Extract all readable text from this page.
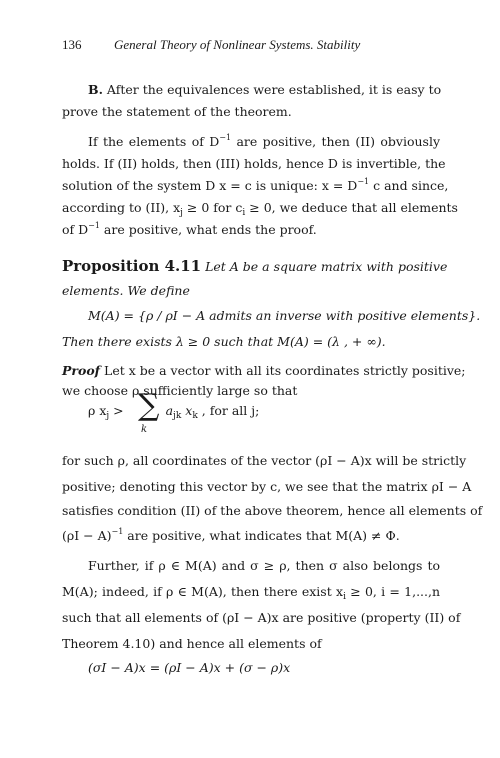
136	General Theory of Nonlinear Systems. Stability
B. After the equivalences were established, it is easy to
prove the statement of the theorem.
If the elements of $D^{-1}$ are positive, then (II) obviously
holds. If (II) holds, then (III) holds, hence D is invertible, the
solution of the system D x = c is unique: $x = D^{-1}$ c and since,
according to (II), $x_j \ge 0$ for $c_i \ge 0$, we deduce that all elements
of $D^{-1}$ are positive, what ends the proof.
Proposition 4.11 Let A be a square matrix with positive
elements. We define
M(A) = {ρ / ρI − A admits an inverse with positive elements}.
Then there exists λ ≥ 0 such that M(A) = (λ , + ∞).
Proof Let x be a vector with all its coordinates strictly positive;
we choose ρ sufficiently large so that
ρ $x_j$ >	$a_{jk}$ $x_k$ , for all j;
∑
k
for such ρ, all coordinates of the vector (ρI − A)x will be strictly
positive; denoting this vector by c, we see that the matrix ρI − A
satisfies condition (II) of the above theorem, hence all elements of
$(\rho I - A)^{-1}$ are positive, what indicates that M(A) ≠ Φ.
Further, if ρ ∈ M(A) and σ ≥ ρ, then σ also belongs to
M(A); indeed, if ρ ∈ M(A), then there exist $x_i \ge 0$, i = 1,...,n
such that all elements of (ρI − A)x are positive (property (II) of
Theorem 4.10) and hence all elements of
(σI − A)x = (ρI − A)x + (σ − ρ)x
